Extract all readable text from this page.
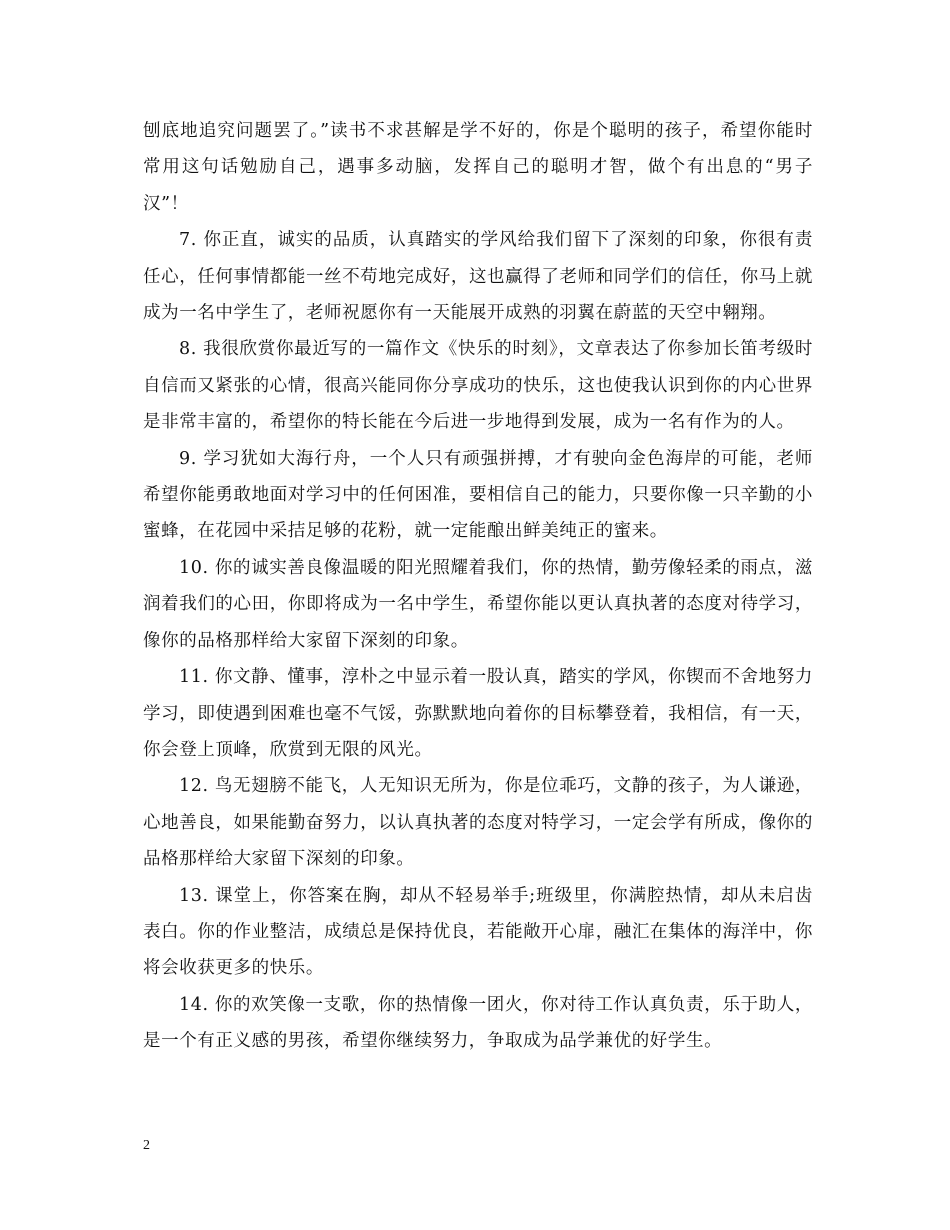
刨底地追究问题罢了。”读书不求甚解是学不好的，你是个聪明的孩子，希望你能时常用这句话勉励自己，遇事多动脑，发挥自己的聪明才智，做个有出息的“男子汉”！

7. 你正直，诚实的品质，认真踏实的学风给我们留下了深刻的印象，你很有责任心，任何事情都能一丝不苟地完成好，这也赢得了老师和同学们的信任，你马上就成为一名中学生了，老师祝愿你有一天能展开成熟的羽翼在蔚蓝的天空中翱翔。

8. 我很欣赏你最近写的一篇作文《快乐的时刻》，文章表达了你参加长笛考级时自信而又紧张的心情，很高兴能同你分享成功的快乐，这也使我认识到你的内心世界是非常丰富的，希望你的特长能在今后进一步地得到发展，成为一名有作为的人。

9. 学习犹如大海行舟，一个人只有顽强拼搏，才有驶向金色海岸的可能，老师希望你能勇敢地面对学习中的任何困准，要相信自己的能力，只要你像一只辛勤的小蜜蜂，在花园中采拮足够的花粉，就一定能酿出鲜美纯正的蜜来。

10. 你的诚实善良像温暖的阳光照耀着我们，你的热情，勤劳像轻柔的雨点，滋润着我们的心田，你即将成为一名中学生，希望你能以更认真执著的态度对待学习，像你的品格那样给大家留下深刻的印象。

11. 你文静、懂事，淳朴之中显示着一股认真，踏实的学风，你锲而不舍地努力学习，即使遇到困难也毫不气馁，弥默默地向着你的目标攀登着，我相信，有一天，你会登上顶峰，欣赏到无限的风光。

12. 鸟无翅膀不能飞，人无知识无所为，你是位乖巧，文静的孩子，为人谦逊，心地善良，如果能勤奋努力，以认真执著的态度对特学习，一定会学有所成，像你的品格那样给大家留下深刻的印象。

13. 课堂上，你答案在胸，却从不轻易举手;班级里，你满腔热情，却从未启齿表白。你的作业整洁，成绩总是保持优良，若能敞开心扉，融汇在集体的海洋中，你将会收获更多的快乐。

14. 你的欢笑像一支歌，你的热情像一团火，你对待工作认真负责，乐于助人，是一个有正义感的男孩，希望你继续努力，争取成为品学兼优的好学生。

2
